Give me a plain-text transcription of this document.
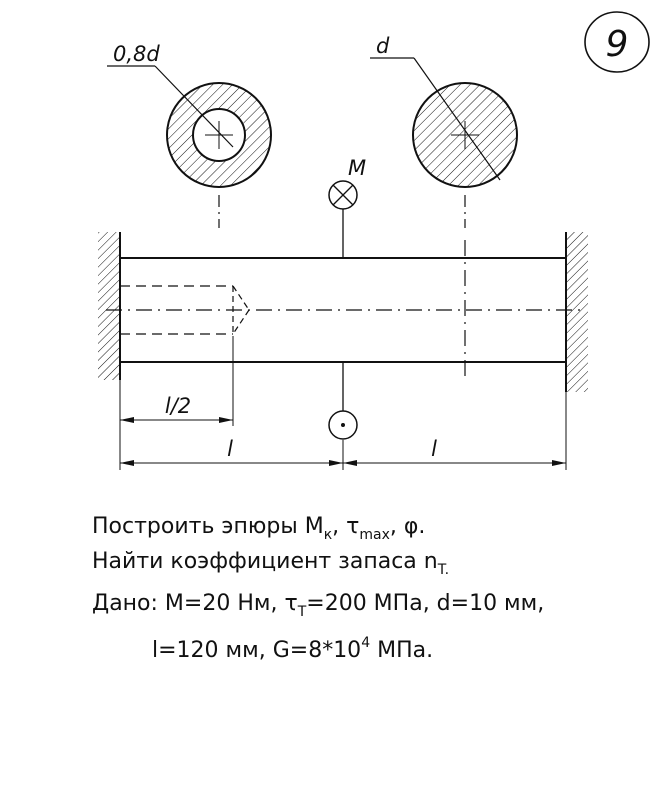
9
0,8d	d
M
l/2
l	l
Построить эпюры $M_к$, $\tau_{max}$, φ.
Найти коэффициент запаса $n_{T.}$
Дано: M=20 Нм, $\tau_T=200$ МПа, d=10 мм,
l=120 мм, $G=8*10^4$ МПа.
